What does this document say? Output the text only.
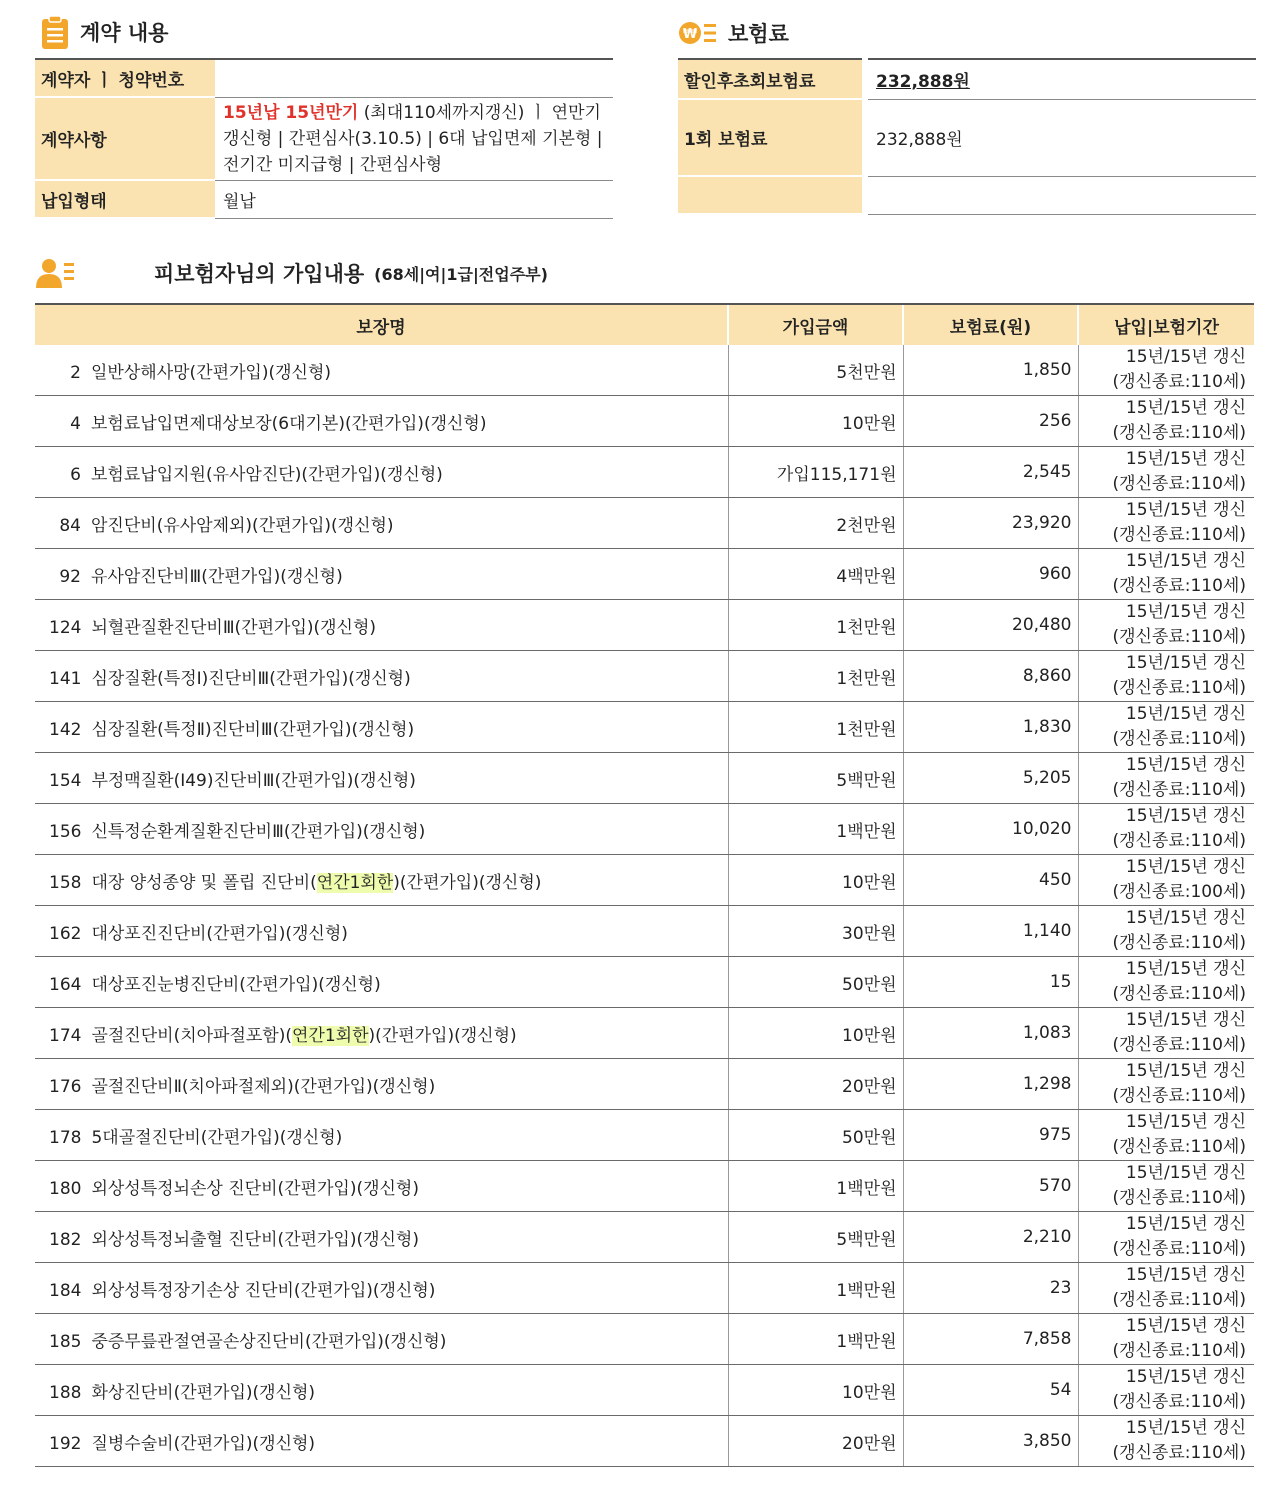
계약 내용
계약자 ㅣ 청약번호	
계약사항	15년납 15년만기 (최대110세까지갱신) ㅣ 연만기갱신형 | 간편심사(3.10.5) | 6대 납입면제 기본형 | 전기간 미지급형 | 간편심사형
납입형태	월납
₩ 보험료
할인후초회보험료		232,888원
1회 보험료		232,888원

피보험자님의 가입내용 (68세|여|1급|전업주부)
보장명	가입금액	보험료(원)	납입|보험기간
2 일반상해사망(간편가입)(갱신형)	5천만원	1,850	15년/15년 갱신
(갱신종료:110세)

4 보험료납입면제대상보장(6대기본)(간편가입)(갱신형)	10만원	256	15년/15년 갱신
(갱신종료:110세)

6 보험료납입지원(유사암진단)(간편가입)(갱신형)	가입115,171원	2,545	15년/15년 갱신
(갱신종료:110세)

84 암진단비(유사암제외)(간편가입)(갱신형)	2천만원	23,920	15년/15년 갱신
(갱신종료:110세)

92 유사암진단비Ⅲ(간편가입)(갱신형)	4백만원	960	15년/15년 갱신
(갱신종료:110세)

124 뇌혈관질환진단비Ⅲ(간편가입)(갱신형)	1천만원	20,480	15년/15년 갱신
(갱신종료:110세)

141 심장질환(특정Ⅰ)진단비Ⅲ(간편가입)(갱신형)	1천만원	8,860	15년/15년 갱신
(갱신종료:110세)

142 심장질환(특정Ⅱ)진단비Ⅲ(간편가입)(갱신형)	1천만원	1,830	15년/15년 갱신
(갱신종료:110세)

154 부정맥질환(Ⅰ49)진단비Ⅲ(간편가입)(갱신형)	5백만원	5,205	15년/15년 갱신
(갱신종료:110세)

156 신특정순환계질환진단비Ⅲ(간편가입)(갱신형)	1백만원	10,020	15년/15년 갱신
(갱신종료:110세)

158 대장 양성종양 및 폴립 진단비(연간1회한)(간편가입)(갱신형)	10만원	450	15년/15년 갱신
(갱신종료:100세)

162 대상포진진단비(간편가입)(갱신형)	30만원	1,140	15년/15년 갱신
(갱신종료:110세)

164 대상포진눈병진단비(간편가입)(갱신형)	50만원	15	15년/15년 갱신
(갱신종료:110세)

174 골절진단비(치아파절포함)(연간1회한)(간편가입)(갱신형)	10만원	1,083	15년/15년 갱신
(갱신종료:110세)

176 골절진단비Ⅱ(치아파절제외)(간편가입)(갱신형)	20만원	1,298	15년/15년 갱신
(갱신종료:110세)

178 5대골절진단비(간편가입)(갱신형)	50만원	975	15년/15년 갱신
(갱신종료:110세)

180 외상성특정뇌손상 진단비(간편가입)(갱신형)	1백만원	570	15년/15년 갱신
(갱신종료:110세)

182 외상성특정뇌출혈 진단비(간편가입)(갱신형)	5백만원	2,210	15년/15년 갱신
(갱신종료:110세)

184 외상성특정장기손상 진단비(간편가입)(갱신형)	1백만원	23	15년/15년 갱신
(갱신종료:110세)

185 중증무릎관절연골손상진단비(간편가입)(갱신형)	1백만원	7,858	15년/15년 갱신
(갱신종료:110세)

188 화상진단비(간편가입)(갱신형)	10만원	54	15년/15년 갱신
(갱신종료:110세)

192 질병수술비(간편가입)(갱신형)	20만원	3,850	15년/15년 갱신
(갱신종료:110세)
